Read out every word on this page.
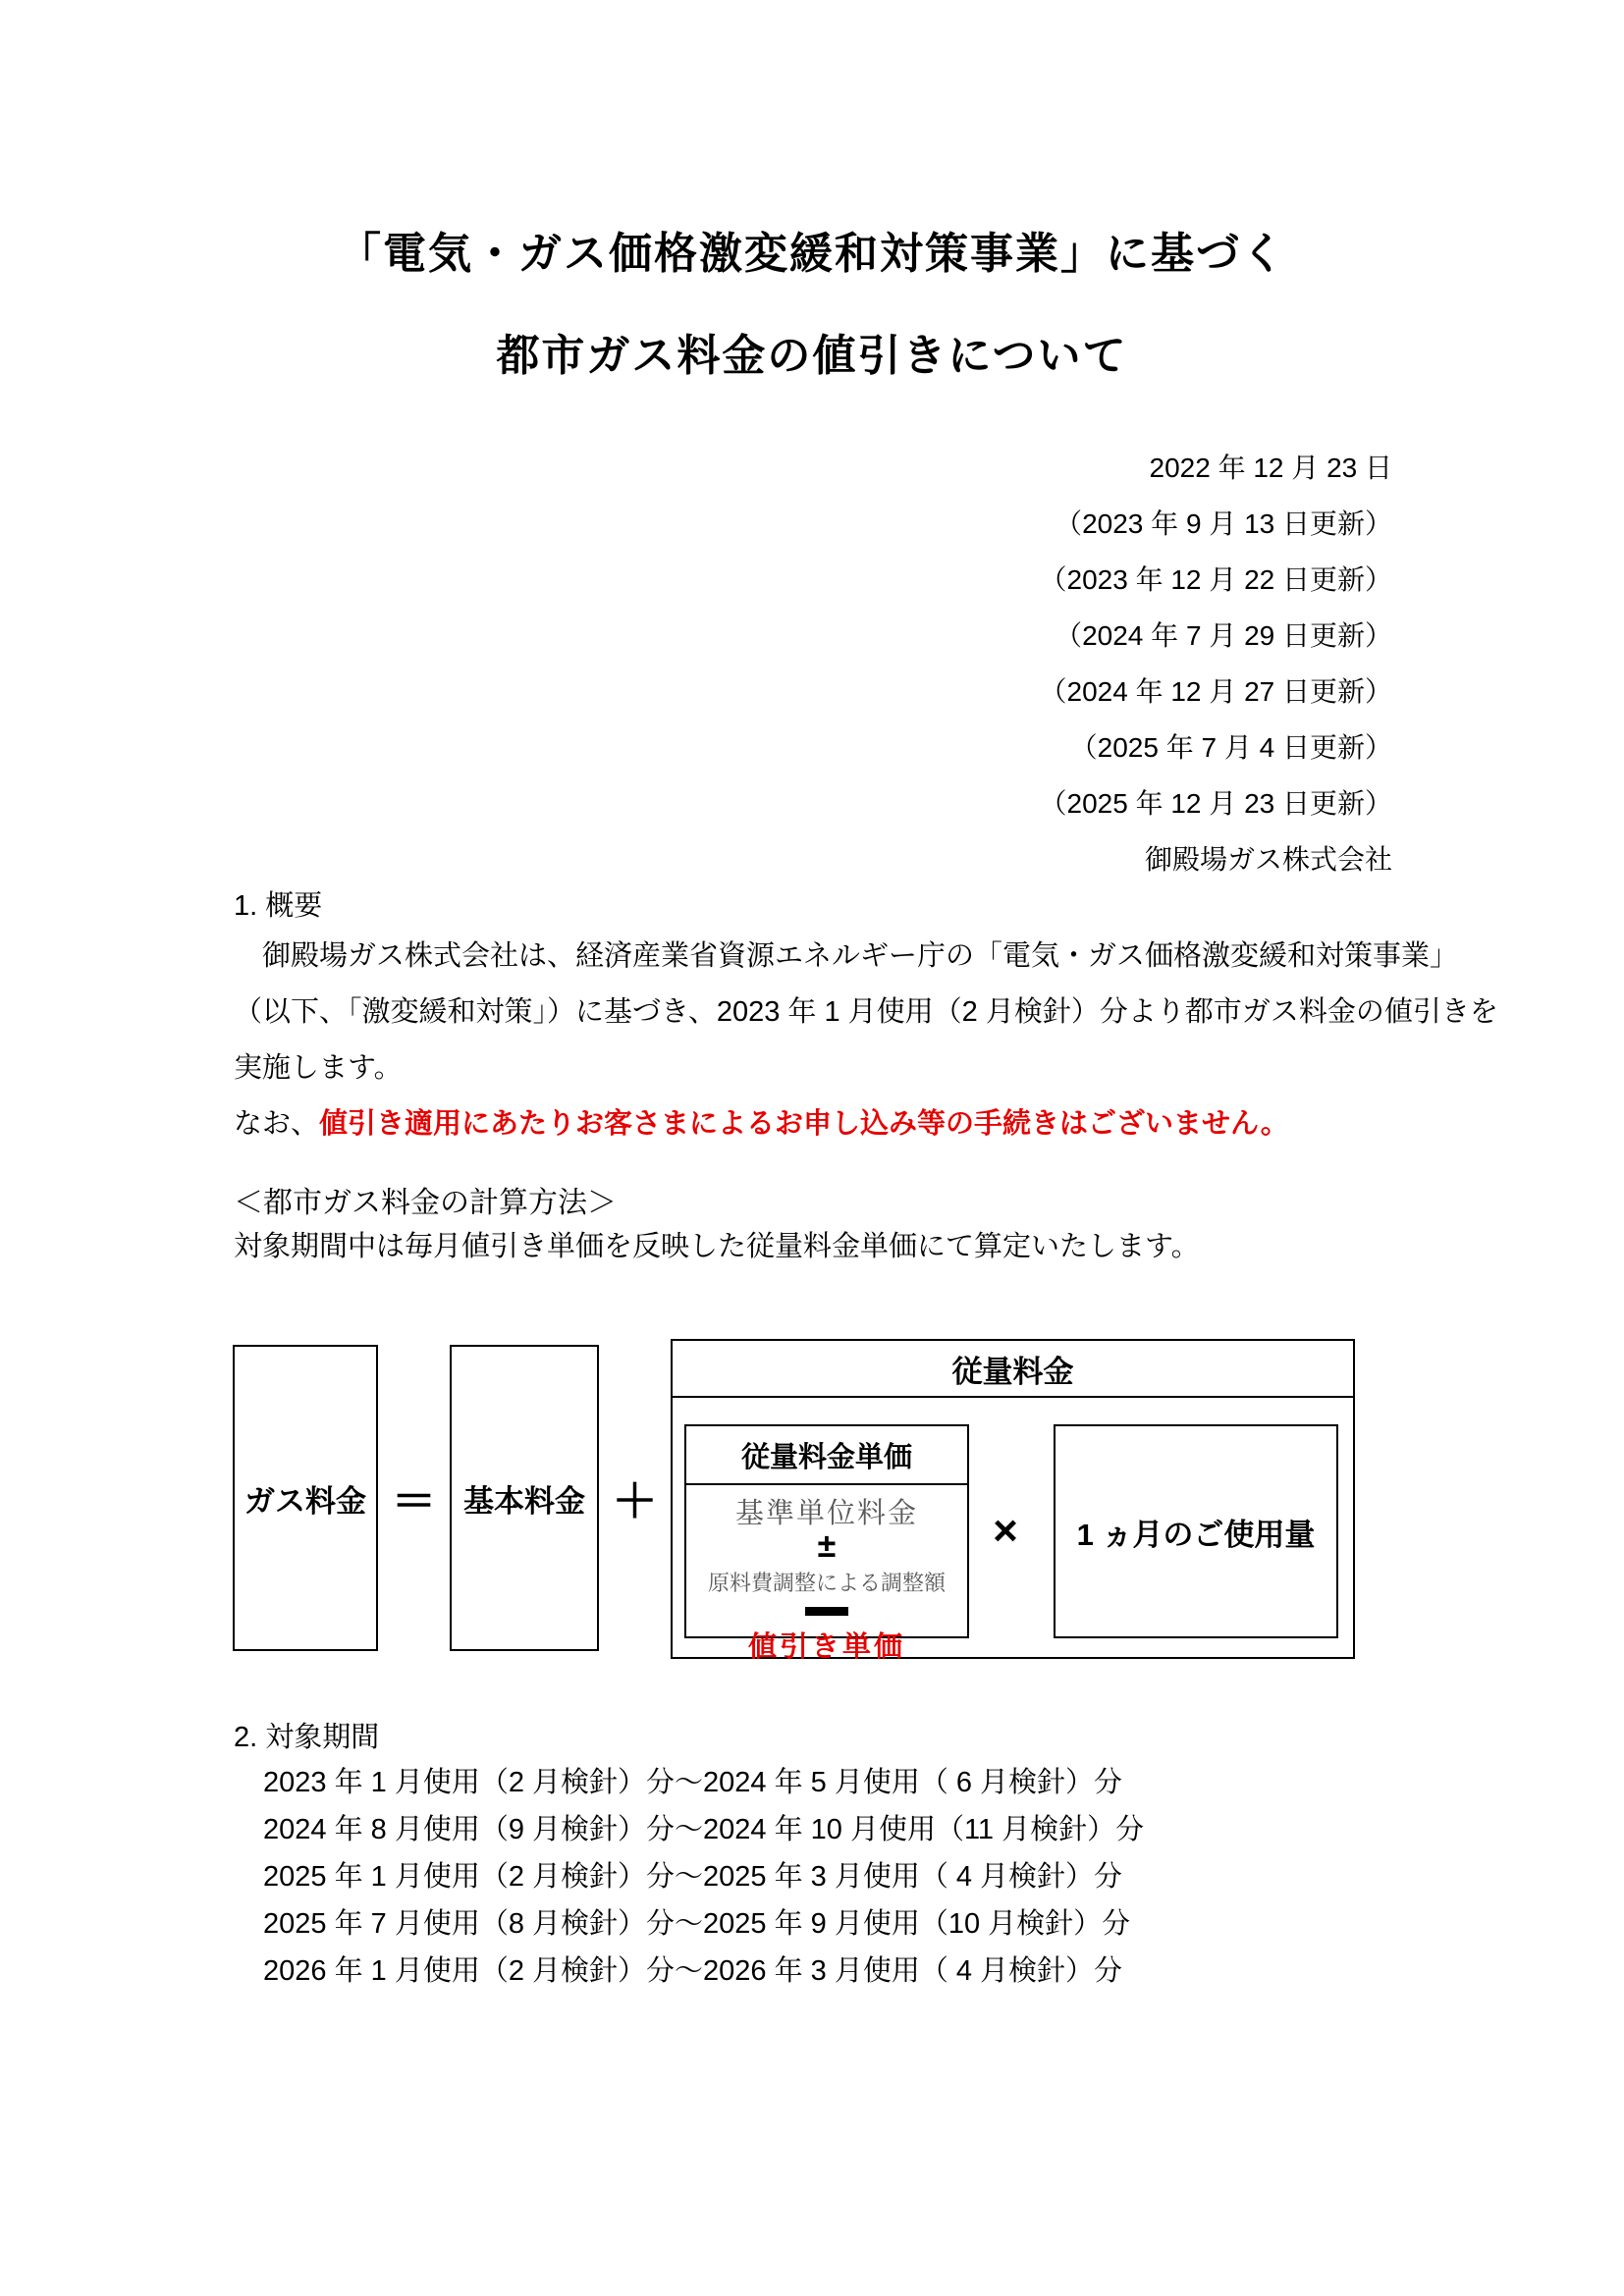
「電気・ガス価格激変緩和対策事業」に基づく
都市ガス料金の値引きについて
2022 年 12 月 23 日
（2023 年 9 月 13 日更新）
（2023 年 12 月 22 日更新）
（2024 年 7 月 29 日更新）
（2024 年 12 月 27 日更新）
（2025 年 7 月 4 日更新）
（2025 年 12 月 23 日更新）
御殿場ガス株式会社
1. 概要
　御殿場ガス株式会社は、経済産業省資源エネルギー庁の「電気・ガス価格激変緩和対策事業」
（以下、「激変緩和対策」）に基づき、2023 年 1 月使用（2 月検針）分より都市ガス料金の値引きを
実施します。
なお、値引き適用にあたりお客さまによるお申し込み等の手続きはございません。
＜都市ガス料金の計算方法＞
対象期間中は毎月値引き単価を反映した従量料金単価にて算定いたします。
ガス料金 ＝ 基本料金 ＋
従量料金
従量料金単価
基準単位料金
±
原料費調整による調整額
値引き単価
×	1 ヵ月のご使用量
2. 対象期間
2023 年 1 月使用（2 月検針）分～2024 年 5 月使用（ 6 月検針）分
2024 年 8 月使用（9 月検針）分～2024 年 10 月使用（11 月検針）分
2025 年 1 月使用（2 月検針）分～2025 年 3 月使用（ 4 月検針）分
2025 年 7 月使用（8 月検針）分～2025 年 9 月使用（10 月検針）分
2026 年 1 月使用（2 月検針）分～2026 年 3 月使用（ 4 月検針）分
